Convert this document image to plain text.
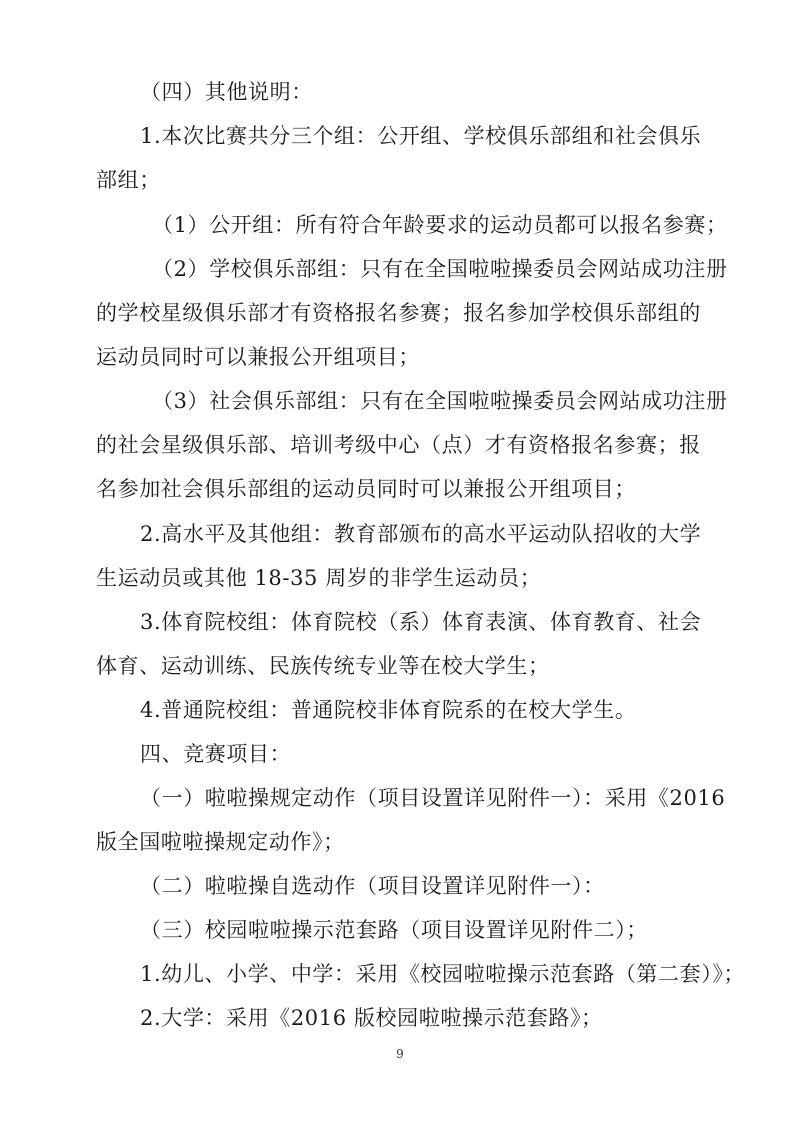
（四）其他说明：
1.本次比赛共分三个组：公开组、学校俱乐部组和社会俱乐
部组；
（1）公开组：所有符合年龄要求的运动员都可以报名参赛；
（2）学校俱乐部组：只有在全国啦啦操委员会网站成功注册
的学校星级俱乐部才有资格报名参赛；报名参加学校俱乐部组的
运动员同时可以兼报公开组项目；
（3）社会俱乐部组：只有在全国啦啦操委员会网站成功注册
的社会星级俱乐部、培训考级中心（点）才有资格报名参赛；报
名参加社会俱乐部组的运动员同时可以兼报公开组项目；
2.高水平及其他组：教育部颁布的高水平运动队招收的大学
生运动员或其他 18-35 周岁的非学生运动员；
3.体育院校组：体育院校（系）体育表演、体育教育、社会
体育、运动训练、民族传统专业等在校大学生；
4.普通院校组：普通院校非体育院系的在校大学生。
四、竞赛项目：
（一）啦啦操规定动作（项目设置详见附件一）：采用《2016
版全国啦啦操规定动作》；
（二）啦啦操自选动作（项目设置详见附件一）：
（三）校园啦啦操示范套路（项目设置详见附件二）；
1.幼儿、小学、中学：采用《校园啦啦操示范套路（第二套）》；
2.大学：采用《2016 版校园啦啦操示范套路》；
9
